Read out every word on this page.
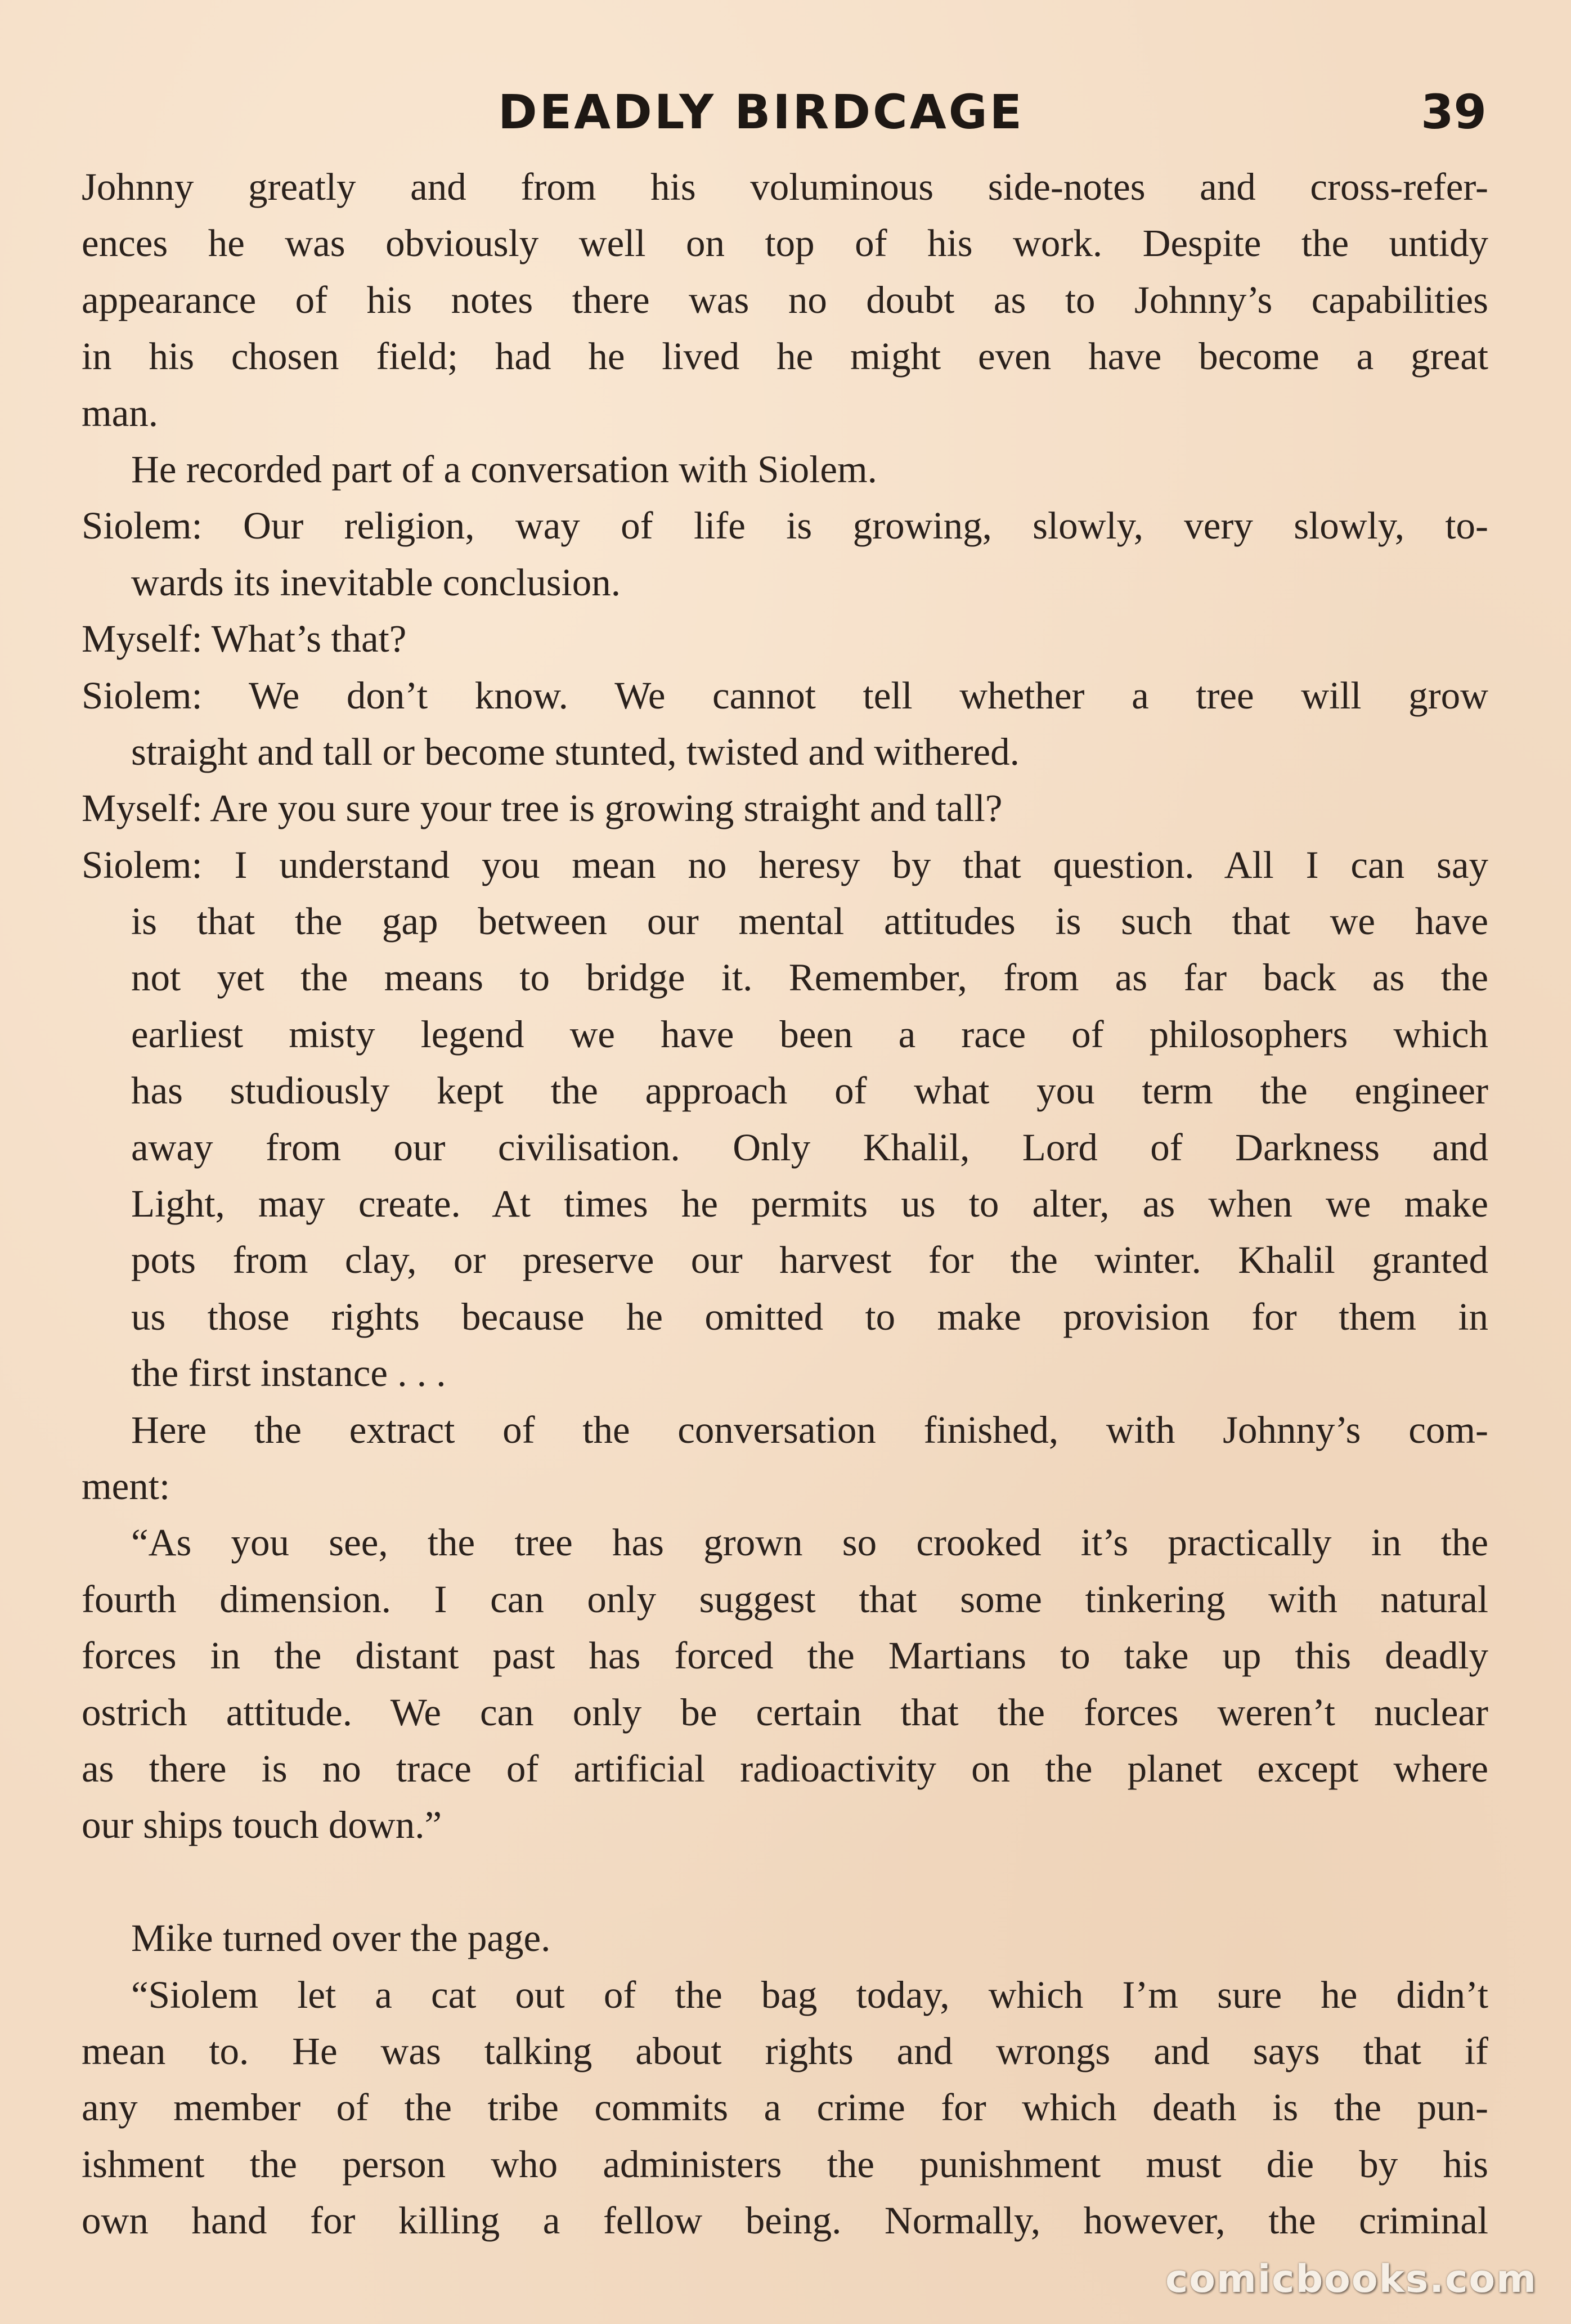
DEADLY BIRDCAGE	39
Johnny greatly and from his voluminous side-notes and cross-refer-
ences he was obviously well on top of his work. Despite the untidy
appearance of his notes there was no doubt as to Johnny’s capabilities
in his chosen field; had he lived he might even have become a great
man.
He recorded part of a conversation with Siolem.
Siolem: Our religion, way of life is growing, slowly, very slowly, to-
wards its inevitable conclusion.
Myself: What’s that?
Siolem: We don’t know. We cannot tell whether a tree will grow
straight and tall or become stunted, twisted and withered.
Myself: Are you sure your tree is growing straight and tall?
Siolem: I understand you mean no heresy by that question. All I can say
is that the gap between our mental attitudes is such that we have
not yet the means to bridge it. Remember, from as far back as the
earliest misty legend we have been a race of philosophers which
has studiously kept the approach of what you term the engineer
away from our civilisation. Only Khalil, Lord of Darkness and
Light, may create. At times he permits us to alter, as when we make
pots from clay, or preserve our harvest for the winter. Khalil granted
us those rights because he omitted to make provision for them in
the first instance . . .
Here the extract of the conversation finished, with Johnny’s com-
ment:
“As you see, the tree has grown so crooked it’s practically in the
fourth dimension. I can only suggest that some tinkering with natural
forces in the distant past has forced the Martians to take up this deadly
ostrich attitude. We can only be certain that the forces weren’t nuclear
as there is no trace of artificial radioactivity on the planet except where
our ships touch down.”
Mike turned over the page.
“Siolem let a cat out of the bag today, which I’m sure he didn’t
mean to. He was talking about rights and wrongs and says that if
any member of the tribe commits a crime for which death is the pun-
ishment the person who administers the punishment must die by his
own hand for killing a fellow being. Normally, however, the criminal
comicbooks.com
